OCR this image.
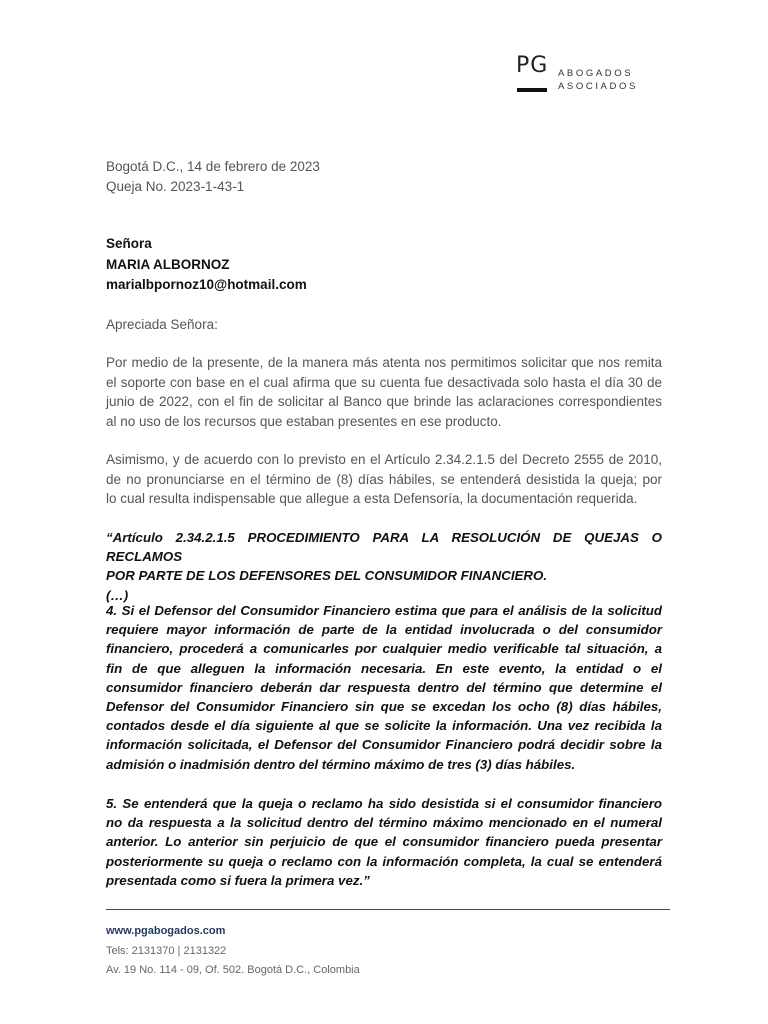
PG ABOGADOS
ASOCIADOS
Bogotá D.C., 14 de febrero de 2023
Queja No. 2023-1-43-1
Señora
MARIA ALBORNOZ
marialbpornoz10@hotmail.com
Apreciada Señora:
Por medio de la presente, de la manera más atenta nos permitimos solicitar que nos remita
el soporte con base en el cual afirma que su cuenta fue desactivada solo hasta el día 30 de
junio de 2022, con el fin de solicitar al Banco que brinde las aclaraciones correspondientes
al no uso de los recursos que estaban presentes en ese producto.
Asimismo, y de acuerdo con lo previsto en el Artículo 2.34.2.1.5 del Decreto 2555 de 2010,
de no pronunciarse en el término de (8) días hábiles, se entenderá desistida la queja; por
lo cual resulta indispensable que allegue a esta Defensoría, la documentación requerida.
“Artículo 2.34.2.1.5 PROCEDIMIENTO PARA LA RESOLUCIÓN DE QUEJAS O RECLAMOS
POR PARTE DE LOS DEFENSORES DEL CONSUMIDOR FINANCIERO.
(…)
4. Si el Defensor del Consumidor Financiero estima que para el análisis de la solicitud
requiere mayor información de parte de la entidad involucrada o del consumidor
financiero, procederá a comunicarles por cualquier medio verificable tal situación, a
fin de que alleguen la información necesaria. En este evento, la entidad o el
consumidor financiero deberán dar respuesta dentro del término que determine el
Defensor del Consumidor Financiero sin que se excedan los ocho (8) días hábiles,
contados desde el día siguiente al que se solicite la información. Una vez recibida la
información solicitada, el Defensor del Consumidor Financiero podrá decidir sobre la
admisión o inadmisión dentro del término máximo de tres (3) días hábiles.
5. Se entenderá que la queja o reclamo ha sido desistida si el consumidor financiero
no da respuesta a la solicitud dentro del término máximo mencionado en el numeral
anterior. Lo anterior sin perjuicio de que el consumidor financiero pueda presentar
posteriormente su queja o reclamo con la información completa, la cual se entenderá
presentada como si fuera la primera vez.”
www.pgabogados.com
Tels: 2131370 | 2131322
Av. 19 No. 114 - 09, Of. 502. Bogotá D.C., Colombia
